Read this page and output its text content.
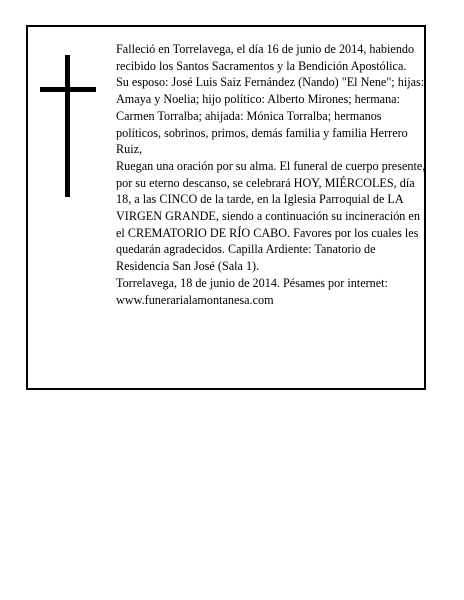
Falleció en Torrelavega, el día 16 de junio de 2014, habiendo recibido los Santos Sacramentos y la Bendición Apostólica.

Su esposo: José Luis Saiz Fernández (Nando) "El Nene"; hijas: Amaya y Noelia; hijo político: Alberto Mirones; hermana: Carmen Torralba; ahijada: Mónica Torralba; hermanos políticos, sobrinos, primos, demás familia y familia Herrero Ruiz,

Ruegan una oración por su alma. El funeral de cuerpo presente, por su eterno descanso, se celebrará HOY, MIÉRCOLES, día 18, a las CINCO de la tarde, en la Iglesia Parroquial de LA VIRGEN GRANDE, siendo a continuación su incineración en el CREMATORIO DE RÍO CABO. Favores por los cuales les quedarán agradecidos. Capilla Ardiente: Tanatorio de Residencia San José (Sala 1).

Torrelavega, 18 de junio de 2014. Pésames por internet: www.funerarialamontanesa.com
